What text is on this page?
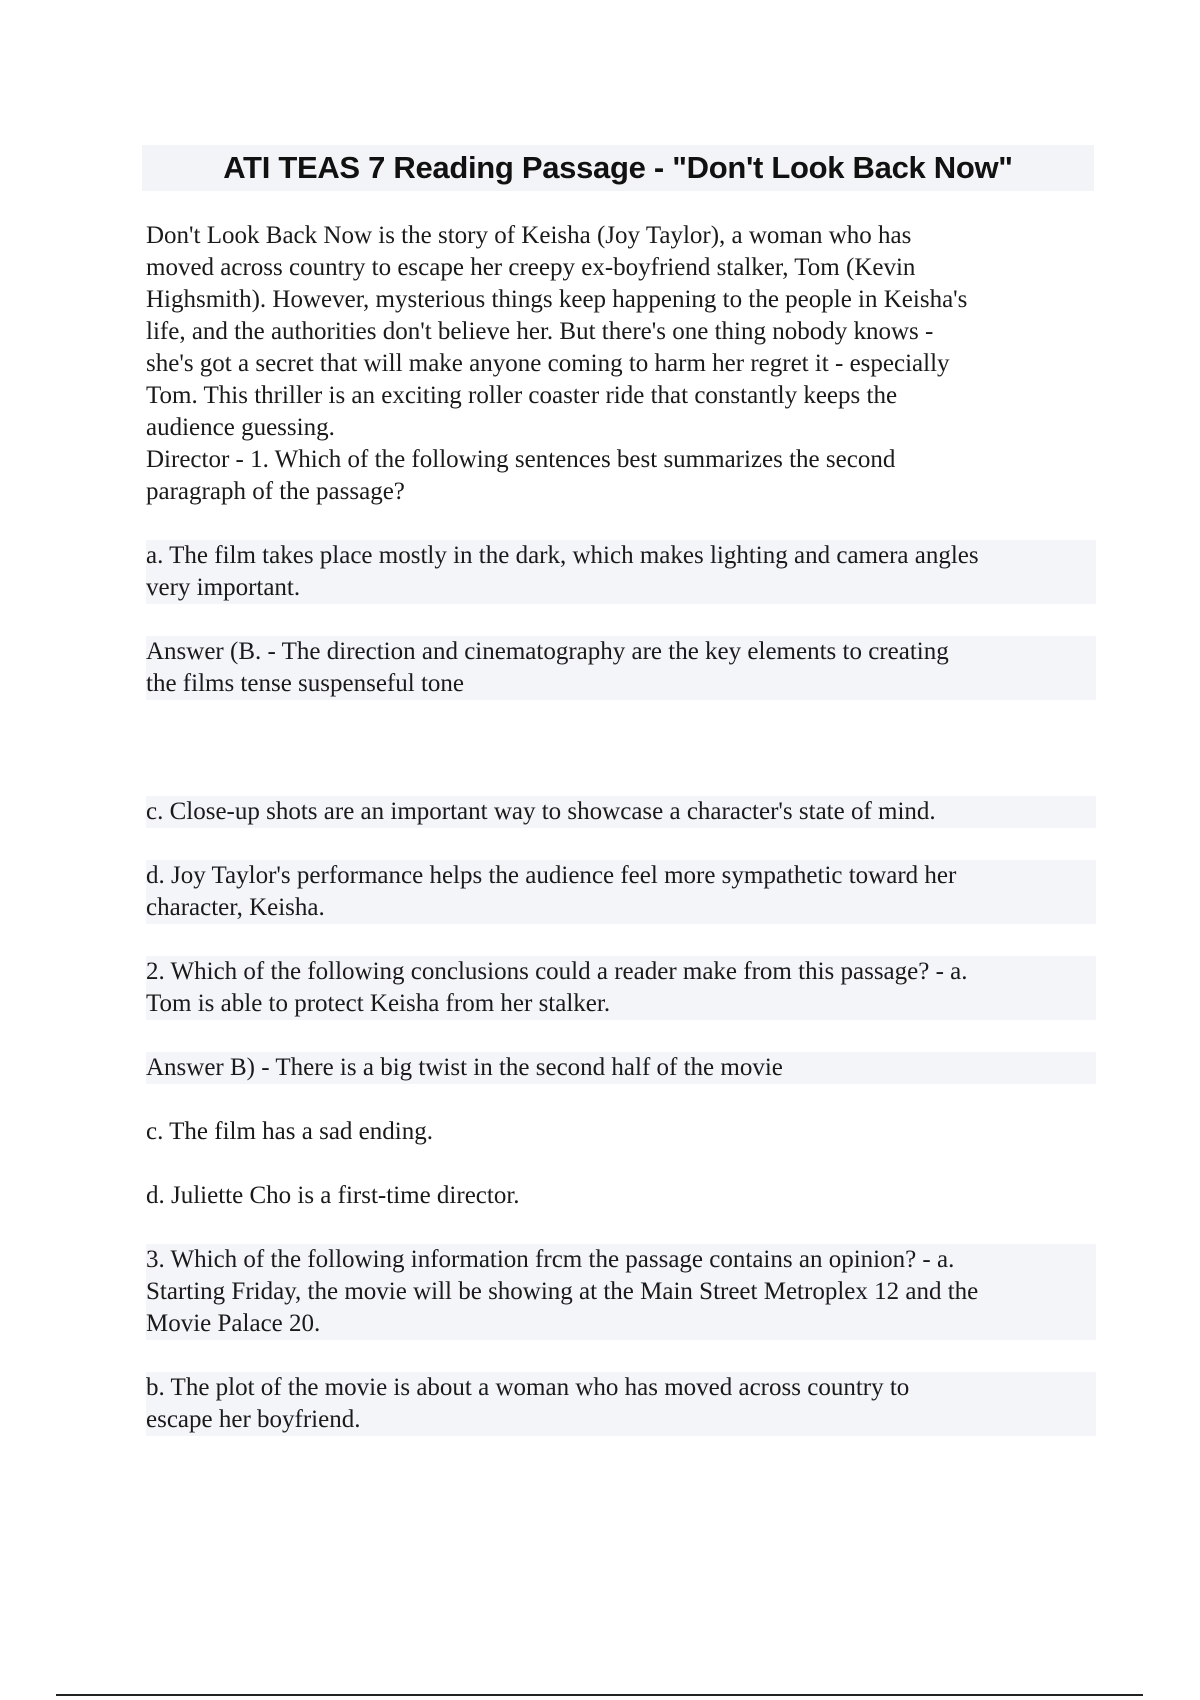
ATI TEAS 7 Reading Passage - "Don't Look Back Now"

Don't Look Back Now is the story of Keisha (Joy Taylor), a woman who has
moved across country to escape her creepy ex-boyfriend stalker, Tom (Kevin
Highsmith). However, mysterious things keep happening to the people in Keisha's
life, and the authorities don't believe her. But there's one thing nobody knows -
she's got a secret that will make anyone coming to harm her regret it - especially
Tom. This thriller is an exciting roller coaster ride that constantly keeps the
audience guessing.

Director - 1. Which of the following sentences best summarizes the second
paragraph of the passage?

a. The film takes place mostly in the dark, which makes lighting and camera angles
very important.

Answer (B. - The direction and cinematography are the key elements to creating
the films tense suspenseful tone

c. Close-up shots are an important way to showcase a character's state of mind.

d. Joy Taylor's performance helps the audience feel more sympathetic toward her
character, Keisha.

2. Which of the following conclusions could a reader make from this passage? - a.
Tom is able to protect Keisha from her stalker.

Answer B) - There is a big twist in the second half of the movie

c. The film has a sad ending.

d. Juliette Cho is a first-time director.

3. Which of the following information frcm the passage contains an opinion? - a.
Starting Friday, the movie will be showing at the Main Street Metroplex 12 and the
Movie Palace 20.

b. The plot of the movie is about a woman who has moved across country to
escape her boyfriend.
